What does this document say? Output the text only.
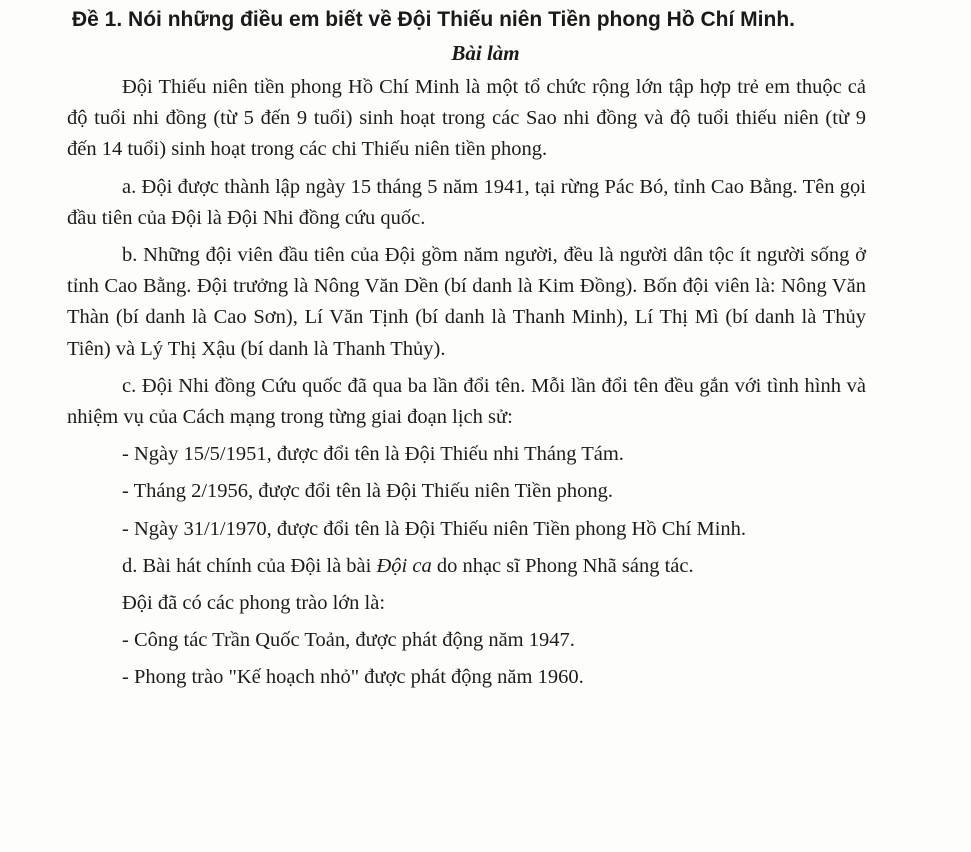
Đề 1. Nói những điều em biết về Đội Thiếu niên Tiền phong Hồ Chí Minh.
Bài làm

Đội Thiếu niên tiền phong Hồ Chí Minh là một tổ chức rộng lớn tập hợp trẻ em thuộc cả độ tuổi nhi đồng (từ 5 đến 9 tuổi) sinh hoạt trong các Sao nhi đồng và độ tuổi thiếu niên (từ 9 đến 14 tuổi) sinh hoạt trong các chi Thiếu niên tiền phong.

a. Đội được thành lập ngày 15 tháng 5 năm 1941, tại rừng Pác Bó, tỉnh Cao Bằng. Tên gọi đầu tiên của Đội là Đội Nhi đồng cứu quốc.

b. Những đội viên đầu tiên của Đội gồm năm người, đều là người dân tộc ít người sống ở tỉnh Cao Bằng. Đội trưởng là Nông Văn Dền (bí danh là Kim Đồng). Bốn đội viên là: Nông Văn Thàn (bí danh là Cao Sơn), Lí Văn Tịnh (bí danh là Thanh Minh), Lí Thị Mì (bí danh là Thủy Tiên) và Lý Thị Xậu (bí danh là Thanh Thủy).

c. Đội Nhi đồng Cứu quốc đã qua ba lần đổi tên. Mỗi lần đổi tên đều gắn với tình hình và nhiệm vụ của Cách mạng trong từng giai đoạn lịch sử:

- Ngày 15/5/1951, được đổi tên là Đội Thiếu nhi Tháng Tám.

- Tháng 2/1956, được đổi tên là Đội Thiếu niên Tiền phong.

- Ngày 31/1/1970, được đổi tên là Đội Thiếu niên Tiền phong Hồ Chí Minh.

d. Bài hát chính của Đội là bài Đội ca do nhạc sĩ Phong Nhã sáng tác.

Đội đã có các phong trào lớn là:

- Công tác Trần Quốc Toản, được phát động năm 1947.

- Phong trào "Kế hoạch nhỏ" được phát động năm 1960.
